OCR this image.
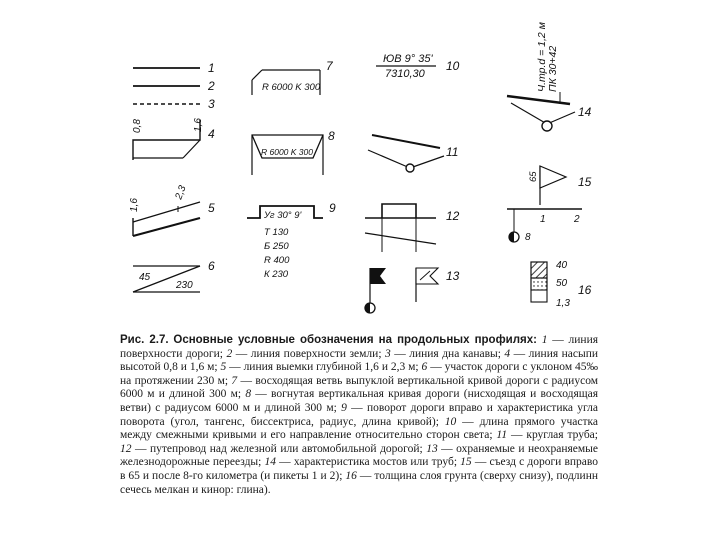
1
2
3
0,8	1,6
4
1,6
2,3
5
45
230
6
R 6000 K 300
7
R 6000 K 300
8
Уг 30° 9'
Т 130
Б 250
R 400
К 230
9
ЮВ 9° 35'
7310,30
10
11
12
13
Ч.тр.d = 1,2 м ПК 30+42
14
65
1	2
8
15
40
50
1,3
16
Рис. 2.7. Основные условные обозначения на продольных профилях: 1 — линия поверхности дороги; 2 — линия поверхности земли; 3 — линия дна канавы; 4 — линия насыпи высотой 0,8 и 1,6 м; 5 — линия выемки глубиной 1,6 и 2,3 м; 6 — участок дороги с уклоном 45‰ на протяжении 230 м; 7 — восходящая ветвь выпуклой вертикальной кривой дороги с радиусом 6000 м и длиной 300 м; 8 — вогнутая вертикальная кривая дороги (нисходящая и восходящая ветви) с радиусом 6000 м и длиной 300 м; 9 — поворот дороги вправо и характеристика угла поворота (угол, тангенс, биссектриса, радиус, длина кривой); 10 — длина прямого участка между смежными кривыми и его направление относительно сторон света; 11 — круглая труба; 12 — путепровод над железной или автомобильной дорогой; 13 — охраняемые и неохраняемые железнодорожные переезды; 14 — характеристика мостов или труб; 15 — съезд с дороги вправо в 65 и после 8-го километра (и пикеты 1 и 2); 16 — толщина слоя грунта (сверху снизу), подлинн сечесь мелкан и кинор: глина).
